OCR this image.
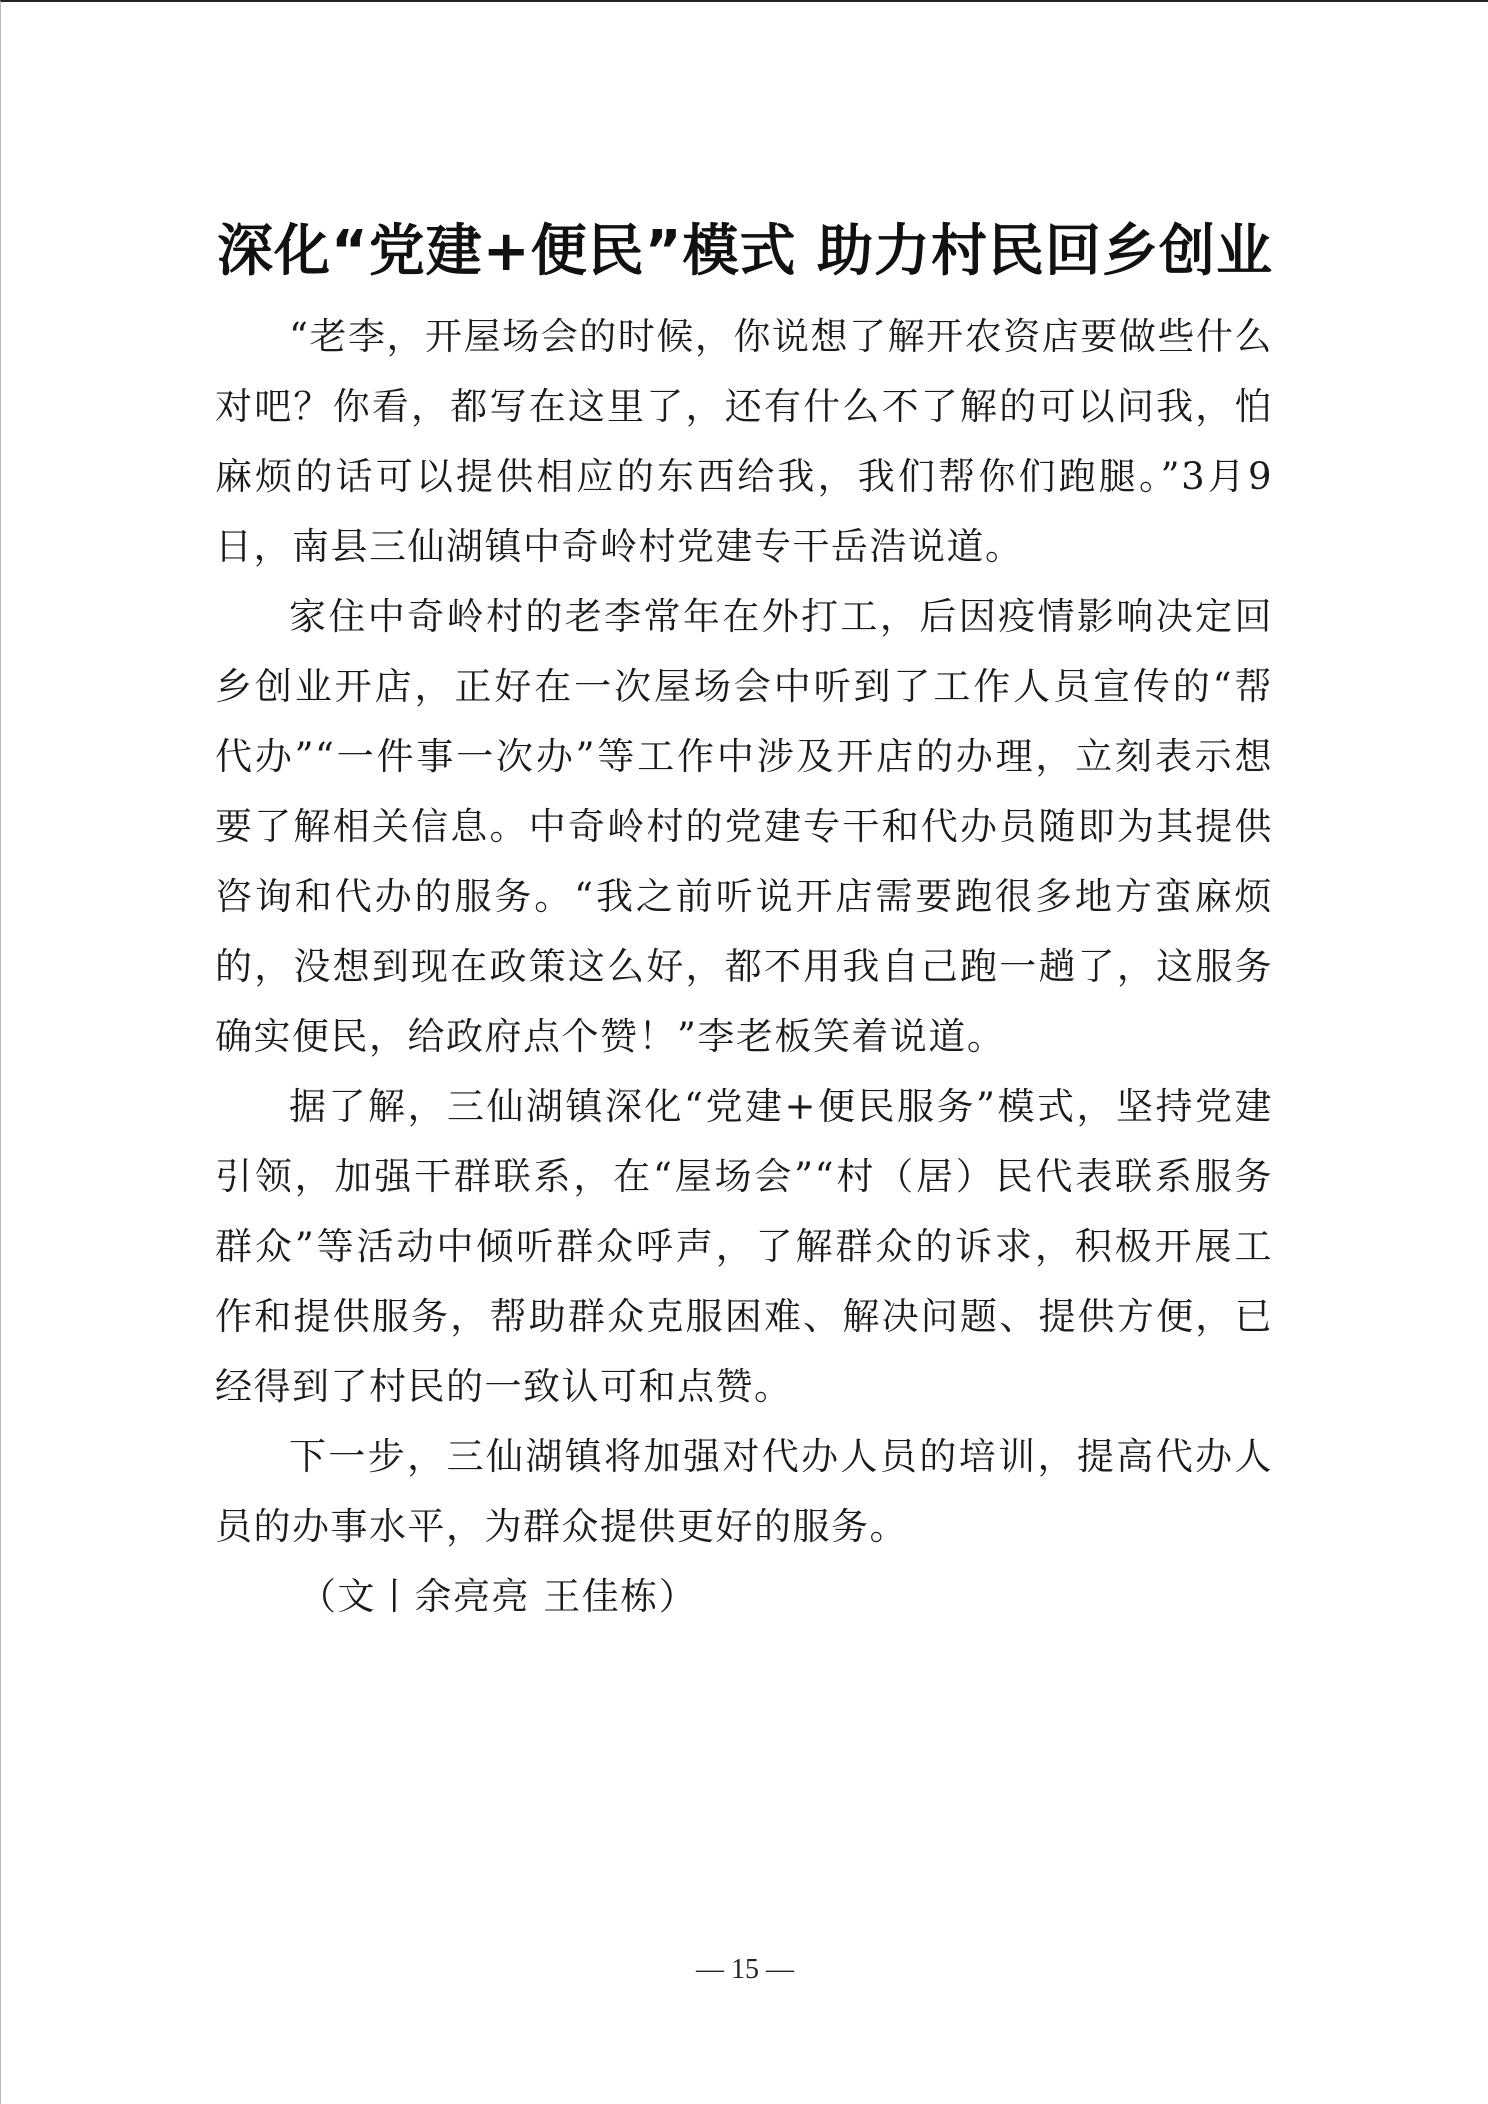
深化“党建+便民”模式 助力村民回乡创业

“老李，开屋场会的时候，你说想了解开农资店要做些什么对吧？你看，都写在这里了，还有什么不了解的可以问我，怕麻烦的话可以提供相应的东西给我，我们帮你们跑腿。”3月9日，南县三仙湖镇中奇岭村党建专干岳浩说道。

家住中奇岭村的老李常年在外打工，后因疫情影响决定回乡创业开店，正好在一次屋场会中听到了工作人员宣传的“帮代办”“一件事一次办”等工作中涉及开店的办理，立刻表示想要了解相关信息。中奇岭村的党建专干和代办员随即为其提供咨询和代办的服务。“我之前听说开店需要跑很多地方蛮麻烦的，没想到现在政策这么好，都不用我自己跑一趟了，这服务确实便民，给政府点个赞！”李老板笑着说道。

据了解，三仙湖镇深化“党建+便民服务”模式，坚持党建引领，加强干群联系，在“屋场会”“村（居）民代表联系服务群众”等活动中倾听群众呼声，了解群众的诉求，积极开展工作和提供服务，帮助群众克服困难、解决问题、提供方便，已经得到了村民的一致认可和点赞。

下一步，三仙湖镇将加强对代办人员的培训，提高代办人员的办事水平，为群众提供更好的服务。

（文丨余亮亮 王佳栋）

— 15 —
